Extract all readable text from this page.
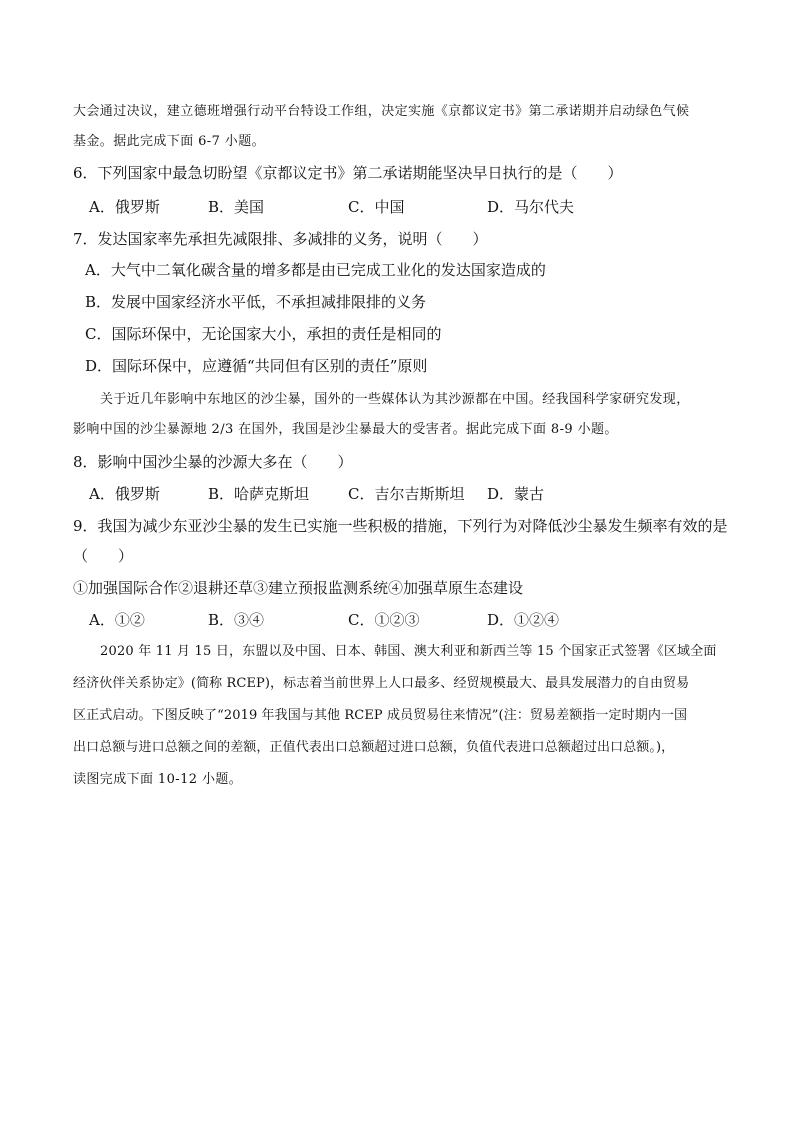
大会通过决议，建立德班增强行动平台特设工作组，决定实施《京都议定书》第二承诺期并启动绿色气候
基金。据此完成下面 6-7 小题。
6．下列国家中最急切盼望《京都议定书》第二承诺期能坚决早日执行的是（　　）
A．俄罗斯	B．美国	C．中国	D．马尔代夫
7．发达国家率先承担先减限排、多减排的义务，说明（　　）
A．大气中二氧化碳含量的增多都是由已完成工业化的发达国家造成的
B．发展中国家经济水平低，不承担减排限排的义务
C．国际环保中，无论国家大小，承担的责任是相同的
D．国际环保中，应遵循“共同但有区别的责任”原则
关于近几年影响中东地区的沙尘暴，国外的一些媒体认为其沙源都在中国。经我国科学家研究发现，
影响中国的沙尘暴源地 2/3 在国外，我国是沙尘暴最大的受害者。据此完成下面 8-9 小题。
8．影响中国沙尘暴的沙源大多在（　　）
A．俄罗斯	B．哈萨克斯坦	C．吉尔吉斯斯坦 D．蒙古
9．我国为减少东亚沙尘暴的发生已实施一些积极的措施，下列行为对降低沙尘暴发生频率有效的是
（　　）
①加强国际合作②退耕还草③建立预报监测系统④加强草原生态建设
A．①②	B．③④	C．①②③	D．①②④
2020 年 11 月 15 日，东盟以及中国、日本、韩国、澳大利亚和新西兰等 15 个国家正式签署《区域全面
经济伙伴关系协定》(简称 RCEP)，标志着当前世界上人口最多、经贸规模最大、最具发展潜力的自由贸易
区正式启动。下图反映了“2019 年我国与其他 RCEP 成员贸易往来情况”(注：贸易差额指一定时期内一国
出口总额与进口总额之间的差额，正值代表出口总额超过进口总额，负值代表进口总额超过出口总额。)，
读图完成下面 10-12 小题。
